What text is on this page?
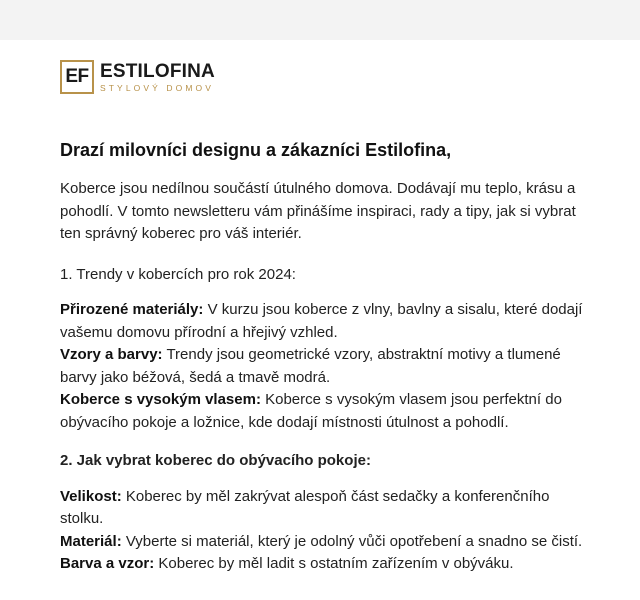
EF ESTILOFINA
STYLOVÝ DOMOV
Drazí milovníci designu a zákazníci Estilofina,

Koberce jsou nedílnou součástí útulného domova. Dodávají mu teplo, krásu a pohodlí. V tomto newsletteru vám přinášíme inspiraci, rady a tipy, jak si vybrat ten správný koberec pro váš interiér.

1. Trendy v kobercích pro rok 2024:

Přirozené materiály: V kurzu jsou koberce z vlny, bavlny a sisalu, které dodají vašemu domovu přírodní a hřejivý vzhled.

Vzory a barvy: Trendy jsou geometrické vzory, abstraktní motivy a tlumené barvy jako béžová, šedá a tmavě modrá.

Koberce s vysokým vlasem: Koberce s vysokým vlasem jsou perfektní do obývacího pokoje a ložnice, kde dodají místnosti útulnost a pohodlí.

2. Jak vybrat koberec do obývacího pokoje:

Velikost: Koberec by měl zakrývat alespoň část sedačky a konferenčního stolku.

Materiál: Vyberte si materiál, který je odolný vůči opotřebení a snadno se čistí.

Barva a vzor: Koberec by měl ladit s ostatním zařízením v obýváku.
